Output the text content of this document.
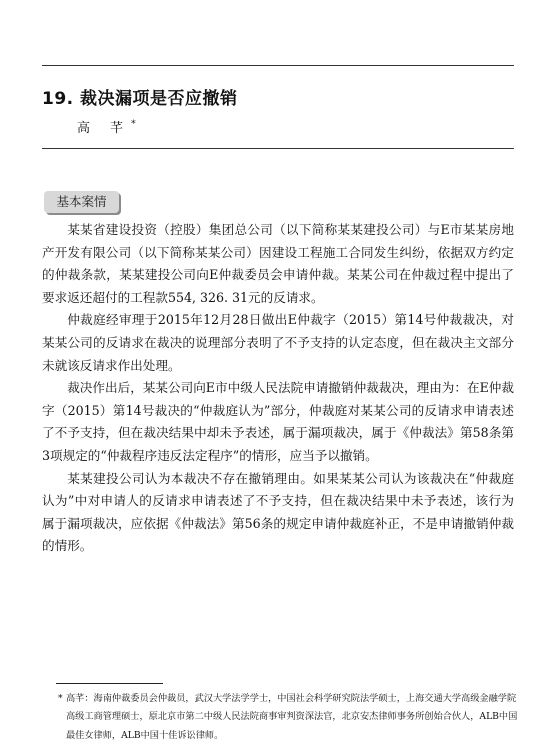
19. 裁决漏项是否应撤销
高 芊*
基本案情

某某省建设投资（控股）集团总公司（以下简称某某建投公司）与E市某某房地产开发有限公司（以下简称某某公司）因建设工程施工合同发生纠纷，依据双方约定的仲裁条款，某某建投公司向E仲裁委员会申请仲裁。某某公司在仲裁过程中提出了要求返还超付的工程款554, 326. 31元的反请求。

仲裁庭经审理于2015年12月28日做出E仲裁字（2015）第14号仲裁裁决，对某某公司的反请求在裁决的说理部分表明了不予支持的认定态度，但在裁决主文部分未就该反请求作出处理。

裁决作出后，某某公司向E市中级人民法院申请撤销仲裁裁决，理由为：在E仲裁字（2015）第14号裁决的“仲裁庭认为”部分，仲裁庭对某某公司的反请求申请表述了不予支持，但在裁决结果中却未予表述，属于漏项裁决，属于《仲裁法》第58条第3项规定的“仲裁程序违反法定程序”的情形，应当予以撤销。

某某建投公司认为本裁决不存在撤销理由。如果某某公司认为该裁决在“仲裁庭认为”中对申请人的反请求申请表述了不予支持，但在裁决结果中未予表述，该行为属于漏项裁决，应依据《仲裁法》第56条的规定申请仲裁庭补正，不是申请撤销仲裁的情形。

* 高芊：海南仲裁委员会仲裁员，武汉大学法学学士，中国社会科学研究院法学硕士，上海交通大学高级金融学院高级工商管理硕士，原北京市第二中级人民法院商事审判资深法官，北京安杰律师事务所创始合伙人，ALB中国最佳女律师，ALB中国十佳诉讼律师。
